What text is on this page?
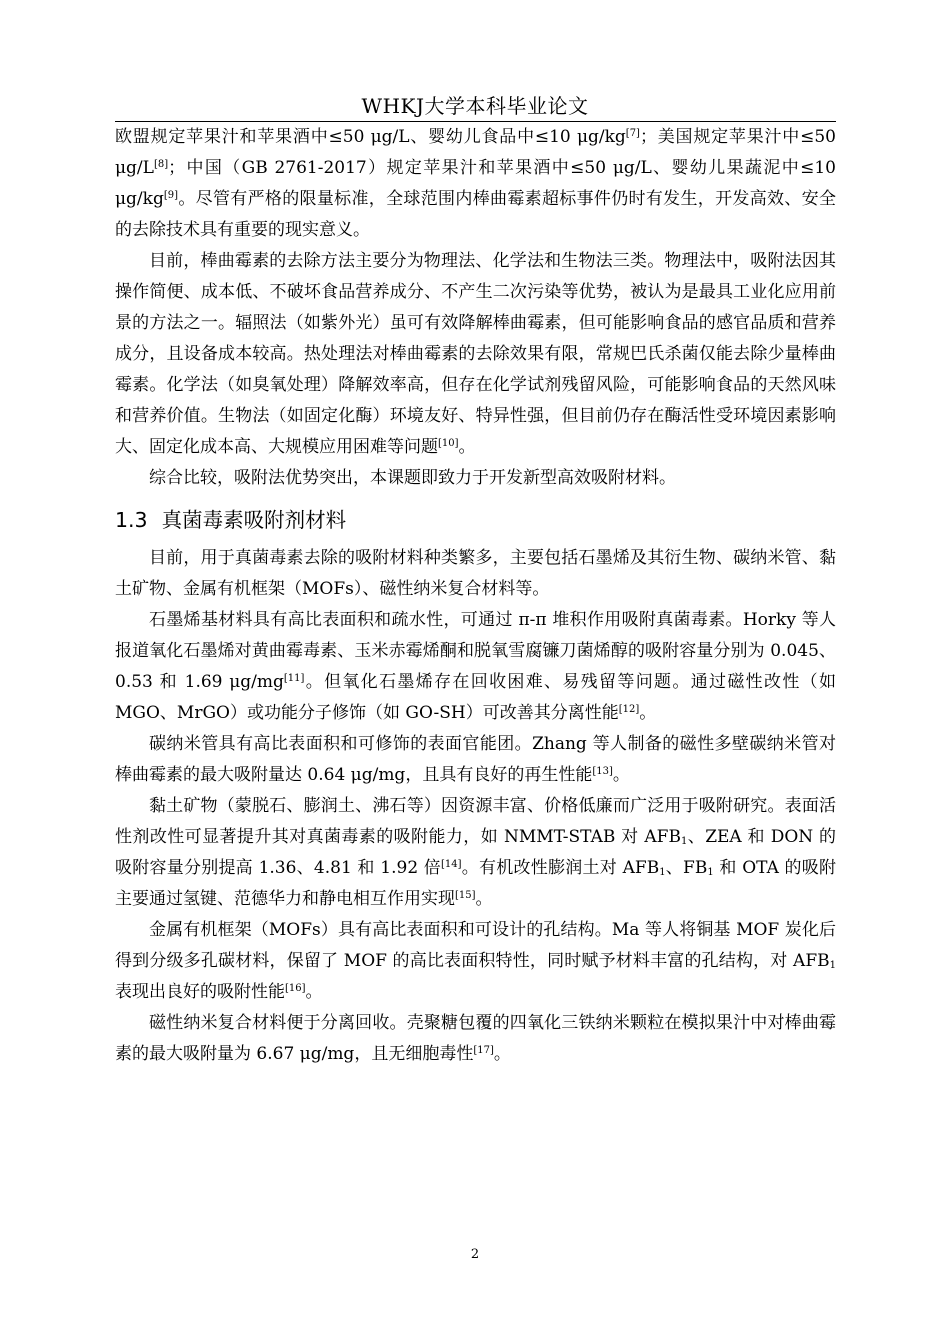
WHKJ大学本科毕业论文

欧盟规定苹果汁和苹果酒中≤50 μg/L、婴幼儿食品中≤10 μg/kg[7]；美国规定苹果汁中≤50 μg/L[8]；中国（GB 2761-2017）规定苹果汁和苹果酒中≤50 μg/L、婴幼儿果蔬泥中≤10 μg/kg[9]。尽管有严格的限量标准，全球范围内棒曲霉素超标事件仍时有发生，开发高效、安全的去除技术具有重要的现实意义。

目前，棒曲霉素的去除方法主要分为物理法、化学法和生物法三类。物理法中，吸附法因其操作简便、成本低、不破坏食品营养成分、不产生二次污染等优势，被认为是最具工业化应用前景的方法之一。辐照法（如紫外光）虽可有效降解棒曲霉素，但可能影响食品的感官品质和营养成分，且设备成本较高。热处理法对棒曲霉素的去除效果有限，常规巴氏杀菌仅能去除少量棒曲霉素。化学法（如臭氧处理）降解效率高，但存在化学试剂残留风险，可能影响食品的天然风味和营养价值。生物法（如固定化酶）环境友好、特异性强，但目前仍存在酶活性受环境因素影响大、固定化成本高、大规模应用困难等问题[10]。

综合比较，吸附法优势突出，本课题即致力于开发新型高效吸附材料。

1.3 真菌毒素吸附剂材料

目前，用于真菌毒素去除的吸附材料种类繁多，主要包括石墨烯及其衍生物、碳纳米管、黏土矿物、金属有机框架（MOFs）、磁性纳米复合材料等。

石墨烯基材料具有高比表面积和疏水性，可通过 π-π 堆积作用吸附真菌毒素。Horky 等人报道氧化石墨烯对黄曲霉毒素、玉米赤霉烯酮和脱氧雪腐镰刀菌烯醇的吸附容量分别为 0.045、0.53 和 1.69 μg/mg[11]。但氧化石墨烯存在回收困难、易残留等问题。通过磁性改性（如 MGO、MrGO）或功能分子修饰（如 GO-SH）可改善其分离性能[12]。

碳纳米管具有高比表面积和可修饰的表面官能团。Zhang 等人制备的磁性多壁碳纳米管对棒曲霉素的最大吸附量达 0.64 μg/mg，且具有良好的再生性能[13]。

黏土矿物（蒙脱石、膨润土、沸石等）因资源丰富、价格低廉而广泛用于吸附研究。表面活性剂改性可显著提升其对真菌毒素的吸附能力，如 NMMT-STAB 对 $AFB_1$、ZEA 和 DON 的吸附容量分别提高 1.36、4.81 和 1.92 倍[14]。有机改性膨润土对 $AFB_1$、$FB_1$ 和 OTA 的吸附主要通过氢键、范德华力和静电相互作用实现[15]。

金属有机框架（MOFs）具有高比表面积和可设计的孔结构。Ma 等人将铜基 MOF 炭化后得到分级多孔碳材料，保留了 MOF 的高比表面积特性，同时赋予材料丰富的孔结构，对 $AFB_1$表现出良好的吸附性能[16]。

磁性纳米复合材料便于分离回收。壳聚糖包覆的四氧化三铁纳米颗粒在模拟果汁中对棒曲霉素的最大吸附量为 6.67 μg/mg，且无细胞毒性[17]。

2
